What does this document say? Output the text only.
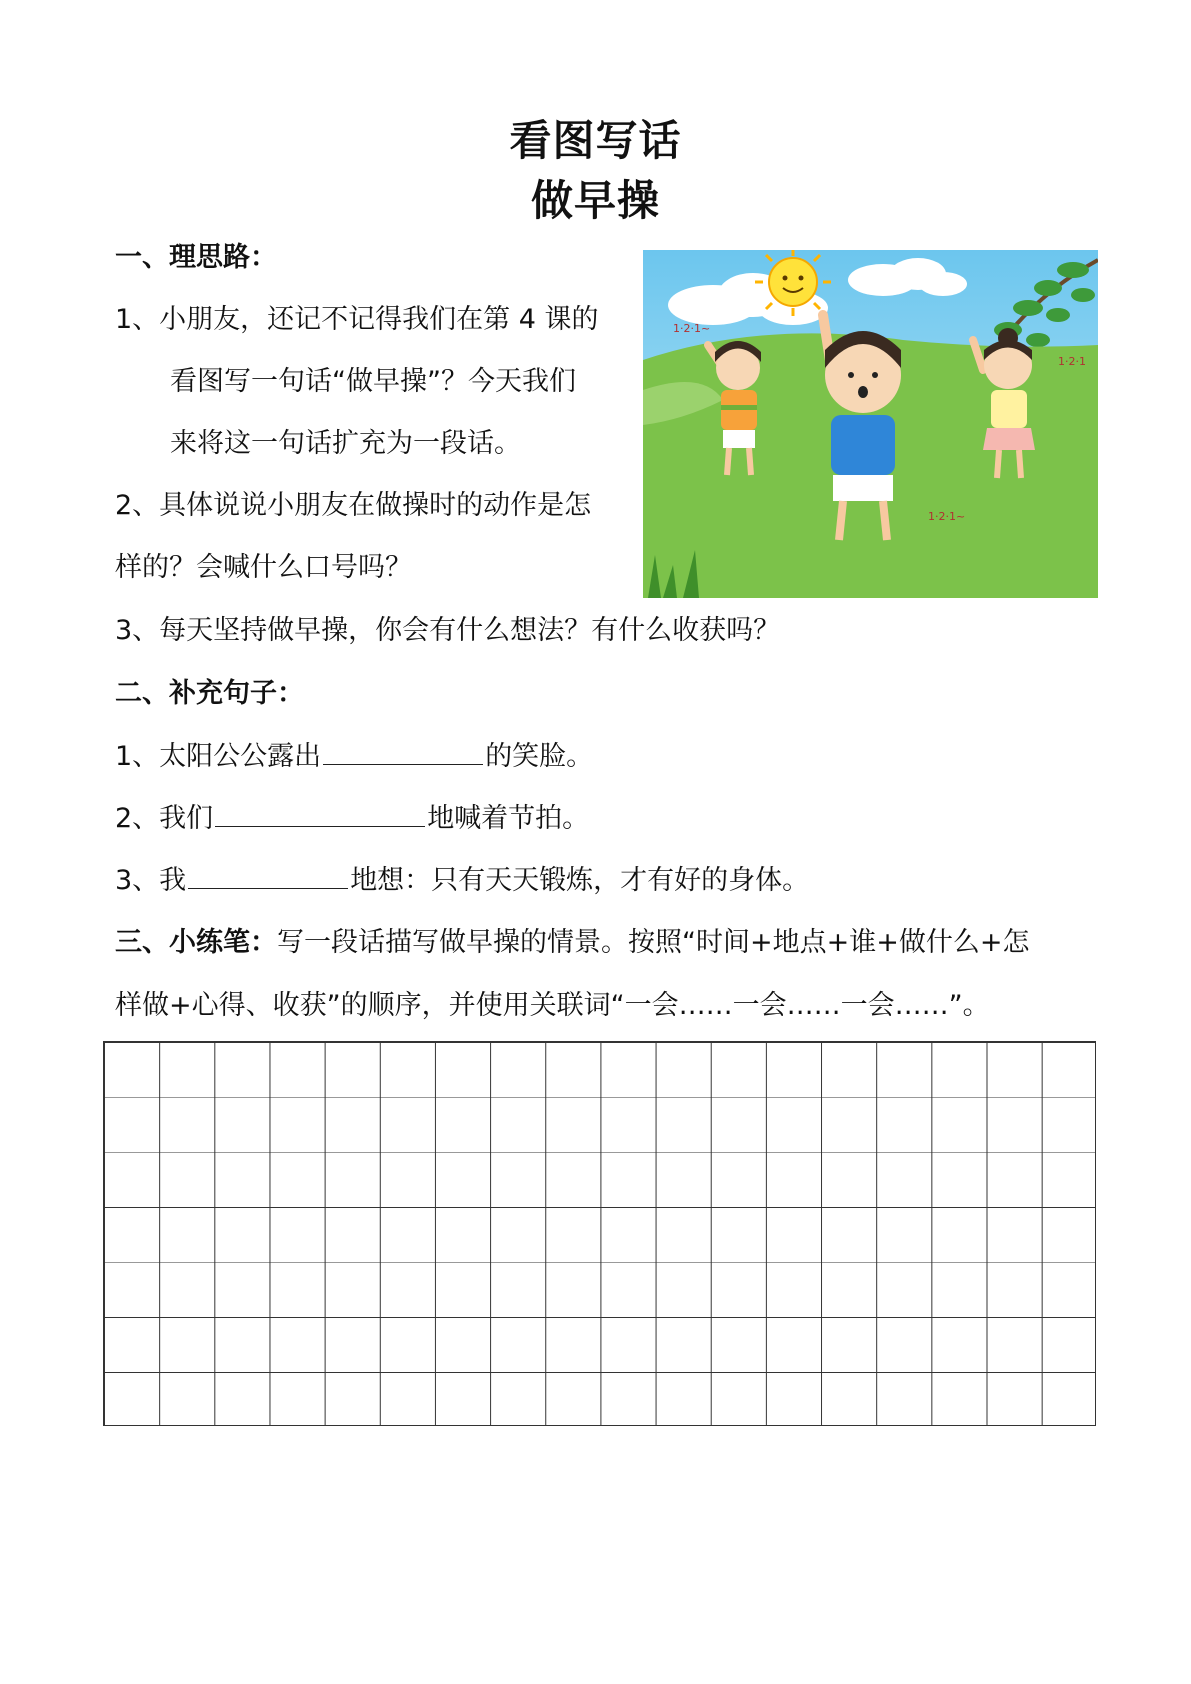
看图写话
做早操

一、理思路：

1、小朋友，还记不记得我们在第 4 课的

看图写一句话“做早操”？今天我们

来将这一句话扩充为一段话。

2、具体说说小朋友在做操时的动作是怎

样的？会喊什么口号吗？

3、每天坚持做早操，你会有什么想法？有什么收获吗？

1·2·1~
1·2·1
1·2·1~

二、补充句子：

1、太阳公公露出	的笑脸。

2、我们	地喊着节拍。

3、我	地想：只有天天锻炼，才有好的身体。

三、小练笔：写一段话描写做早操的情景。按照“时间+地点+谁+做什么+怎

样做+心得、收获”的顺序，并使用关联词“一会……一会……一会……”。
